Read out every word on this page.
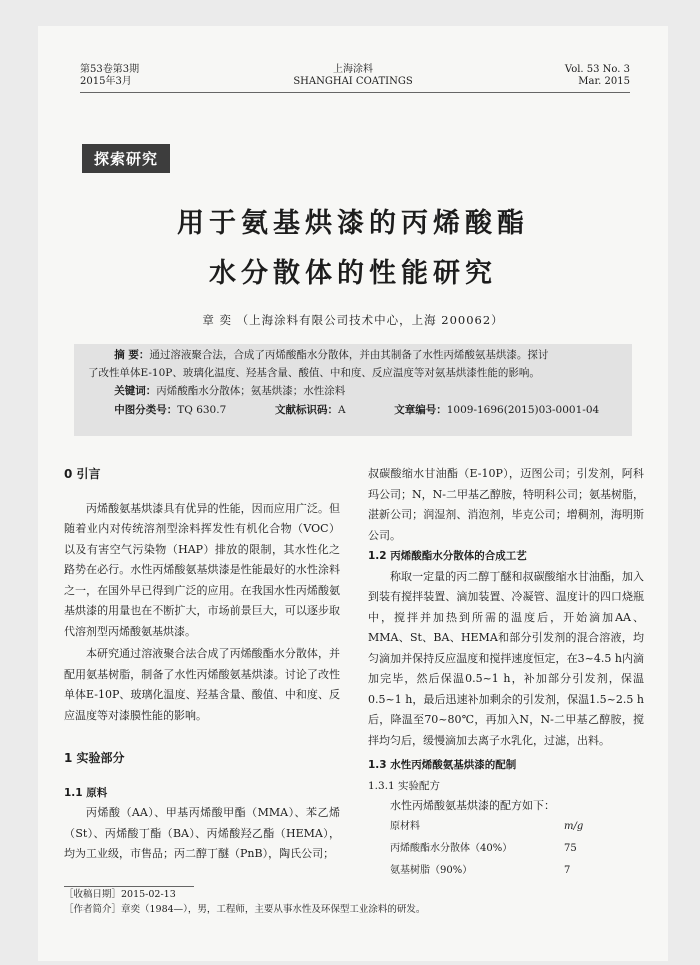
第53卷第3期
2015年3月
上海涂料
SHANGHAI COATINGS
Vol. 53 No. 3
Mar. 2015
探索研究
用于氨基烘漆的丙烯酸酯
水分散体的性能研究
章 奕 （上海涂料有限公司技术中心，上海 200062）

摘 要：通过溶液聚合法，合成了丙烯酸酯水分散体，并由其制备了水性丙烯酸氨基烘漆。探讨

了改性单体E-10P、玻璃化温度、羟基含量、酸值、中和度、反应温度等对氨基烘漆性能的影响。

关键词：丙烯酸酯水分散体；氨基烘漆；水性涂料

中图分类号：TQ 630.7	文献标识码：A	文章编号：1009-1696(2015)03-0001-04

0 引言

丙烯酸氨基烘漆具有优异的性能，因而应用广泛。但随着业内对传统溶剂型涂料挥发性有机化合物（VOC）以及有害空气污染物（HAP）排放的限制，其水性化之路势在必行。水性丙烯酸氨基烘漆是性能最好的水性涂料之一，在国外早已得到广泛的应用。在我国水性丙烯酸氨基烘漆的用量也在不断扩大，市场前景巨大，可以逐步取代溶剂型丙烯酸氨基烘漆。

本研究通过溶液聚合法合成了丙烯酸酯水分散体，并配用氨基树脂，制备了水性丙烯酸氨基烘漆。讨论了改性单体E-10P、玻璃化温度、羟基含量、酸值、中和度、反应温度等对漆膜性能的影响。

1 实验部分

1.1 原料

丙烯酸（AA）、甲基丙烯酸甲酯（MMA）、苯乙烯（St）、丙烯酸丁酯（BA）、丙烯酸羟乙酯（HEMA），均为工业级，市售品；丙二醇丁醚（PnB），陶氏公司；

叔碳酸缩水甘油酯（E-10P），迈图公司；引发剂，阿科玛公司；N，N-二甲基乙醇胺，特明科公司；氨基树脂，湛新公司；润湿剂、消泡剂，毕克公司；增稠剂，海明斯公司。

1.2 丙烯酸酯水分散体的合成工艺

称取一定量的丙二醇丁醚和叔碳酸缩水甘油酯，加入到装有搅拌装置、滴加装置、冷凝管、温度计的四口烧瓶中，搅拌并加热到所需的温度后，开始滴加AA、MMA、St、BA、HEMA和部分引发剂的混合溶液，均匀滴加并保持反应温度和搅拌速度恒定，在3~4.5 h内滴加完毕，然后保温0.5~1 h，补加部分引发剂，保温0.5~1 h，最后迅速补加剩余的引发剂，保温1.5~2.5 h后，降温至70~80℃，再加入N，N-二甲基乙醇胺，搅拌均匀后，缓慢滴加去离子水乳化，过滤，出料。

1.3 水性丙烯酸氨基烘漆的配制

1.3.1 实验配方

水性丙烯酸氨基烘漆的配方如下：

原材料	m/g
丙烯酸酯水分散体（40%）	75
氨基树脂（90%）	7
［收稿日期］2015-02-13
［作者简介］章奕（1984—），男，工程师，主要从事水性及环保型工业涂料的研发。
